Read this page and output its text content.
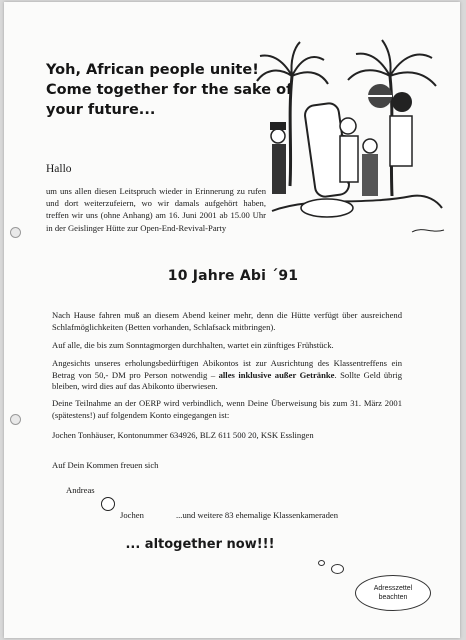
Yoh, African people unite!
Come together for the sake of
your future...
Hallo
um uns allen diesen Leitspruch wieder in Erinnerung zu rufen und dort weiterzufeiern, wo wir damals aufgehört haben, treffen wir uns (ohne Anhang) am 16. Juni 2001 ab 15.00 Uhr in der Geislinger Hütte zur Open-End-Revival-Party
10 Jahre Abi ´91
Nach Hause fahren muß an diesem Abend keiner mehr, denn die Hütte verfügt über ausreichend Schlafmöglichkeiten (Betten vorhanden, Schlafsack mitbringen).
Auf alle, die bis zum Sonntagmorgen durchhalten, wartet ein zünftiges Frühstück.
Angesichts unseres erholungsbedürftigen Abikontos ist zur Ausrichtung des Klassentreffens ein Betrag von 50,- DM pro Person notwendig – alles inklusive außer Getränke. Sollte Geld übrig bleiben, wird dies auf das Abikonto überwiesen.
Deine Teilnahme an der OERP wird verbindlich, wenn Deine Überweisung bis zum 31. März 2001 (spätestens!) auf folgendem Konto eingegangen ist:
Jochen Tonhäuser, Kontonummer 634926, BLZ 611 500 20, KSK Esslingen
Auf Dein Kommen freuen sich
Andreas
Jochen	...und weitere 83 ehemalige Klassenkameraden
... altogether now!!!
Adresszettel
beachten
